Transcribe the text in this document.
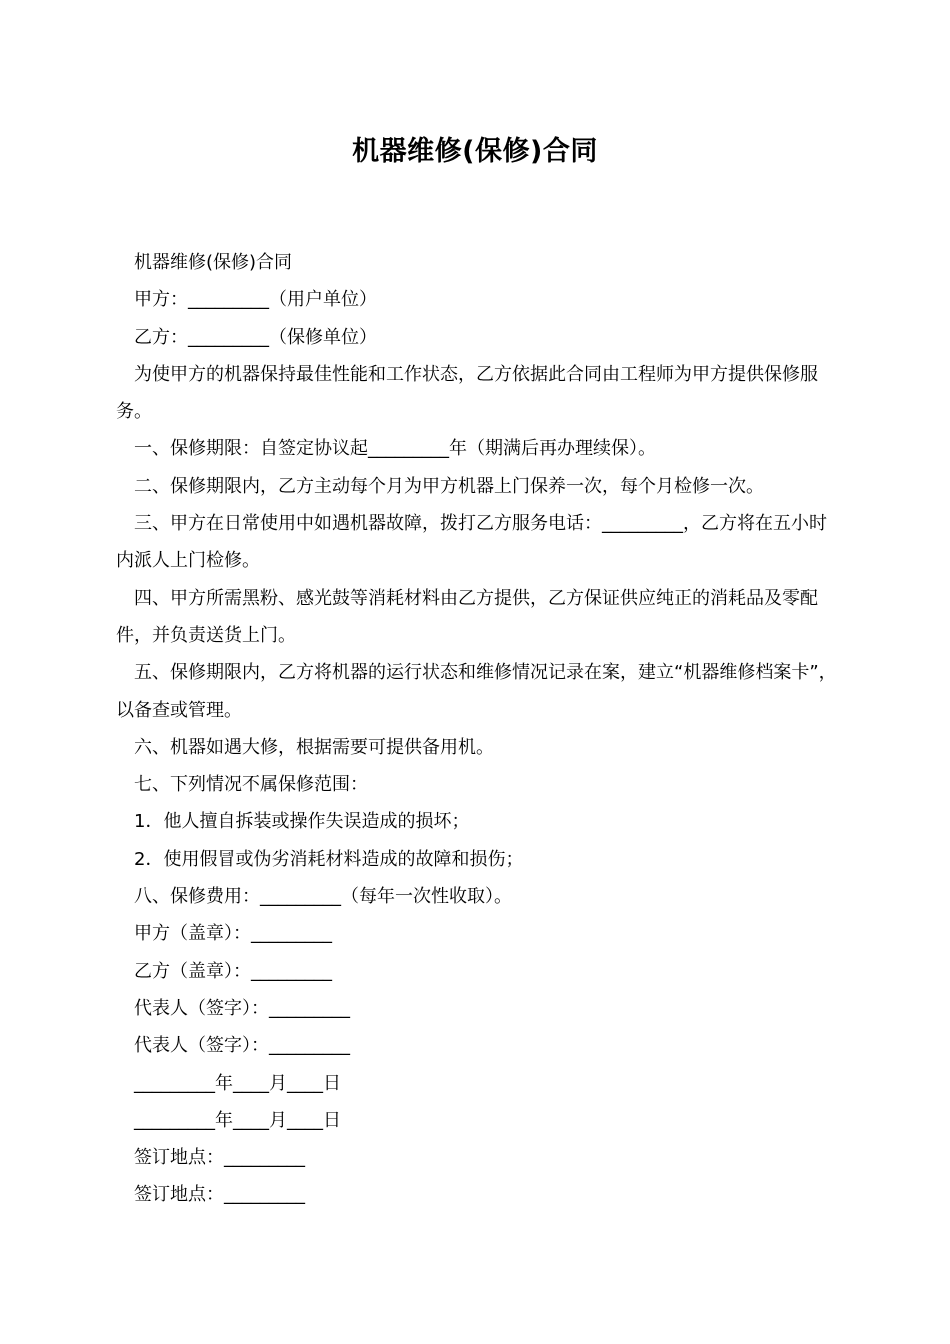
机器维修(保修)合同

机器维修(保修)合同

甲方：_________（用户单位）

乙方：_________（保修单位）

为使甲方的机器保持最佳性能和工作状态，乙方依据此合同由工程师为甲方提供保修服务。

一、保修期限：自签定协议起_________年（期满后再办理续保）。

二、保修期限内，乙方主动每个月为甲方机器上门保养一次，每个月检修一次。

三、甲方在日常使用中如遇机器故障，拨打乙方服务电话：_________，乙方将在五小时内派人上门检修。

四、甲方所需黑粉、感光鼓等消耗材料由乙方提供，乙方保证供应纯正的消耗品及零配件，并负责送货上门。

五、保修期限内，乙方将机器的运行状态和维修情况记录在案，建立“机器维修档案卡”，以备查或管理。

六、机器如遇大修，根据需要可提供备用机。

七、下列情况不属保修范围：

1．他人擅自拆装或操作失误造成的损坏；

2．使用假冒或伪劣消耗材料造成的故障和损伤；

八、保修费用：_________（每年一次性收取）。

甲方（盖章）：_________

乙方（盖章）：_________

代表人（签字）：_________

代表人（签字）：_________

_________年____月____日

_________年____月____日

签订地点：_________

签订地点：_________
